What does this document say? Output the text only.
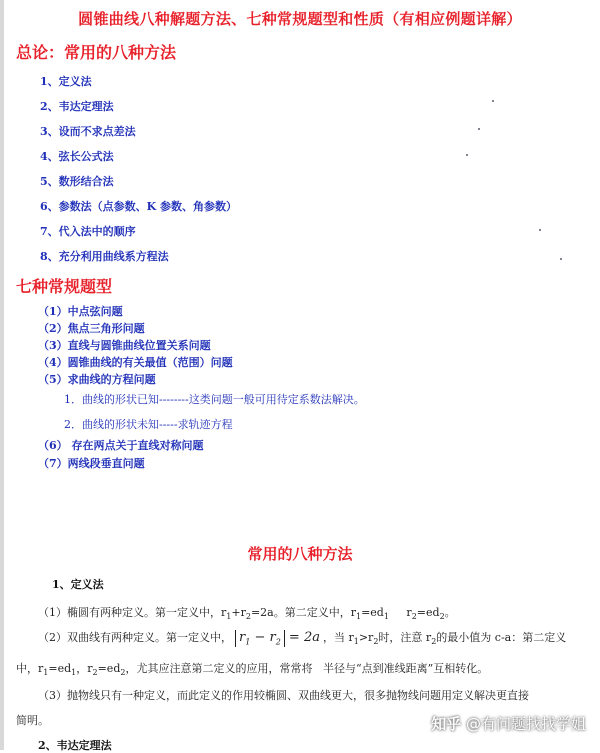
圆锥曲线八种解题方法、七种常规题型和性质（有相应例题详解）
总论：常用的八种方法
1、定义法
2、韦达定理法
3、设而不求点差法
4、弦长公式法
5、数形结合法
6、参数法（点参数、K 参数、角参数）
7、代入法中的顺序
8、充分利用曲线系方程法
七种常规题型
（1）中点弦问题
（2）焦点三角形问题
（3）直线与圆锥曲线位置关系问题
（4）圆锥曲线的有关最值（范围）问题
（5）求曲线的方程问题
1．曲线的形状已知--------这类问题一般可用待定系数法解决。
2．曲线的形状未知-----求轨迹方程
（6） 存在两点关于直线对称问题
（7）两线段垂直问题
常用的八种方法
1、定义法
（1）椭圆有两种定义。第一定义中，$r_1+r_2=2a$。第二定义中，$r_1=ed_1$     $r_2=ed_2$。
（2）双曲线有两种定义。第一定义中， $r_1 - r_2 = 2a$ ，当 $r_1>r_2$时，注意 $r_2$的最小值为 c-a：第二定义
中，$r_1=ed_1$，$r_2=ed_2$，尤其应注意第二定义的应用，常常将   半径与“点到准线距离”互相转化。
（3）抛物线只有一种定义，而此定义的作用较椭圆、双曲线更大，很多抛物线问题用定义解决更直接
简明。
2、韦达定理法
知乎 @有问题找找学姐
